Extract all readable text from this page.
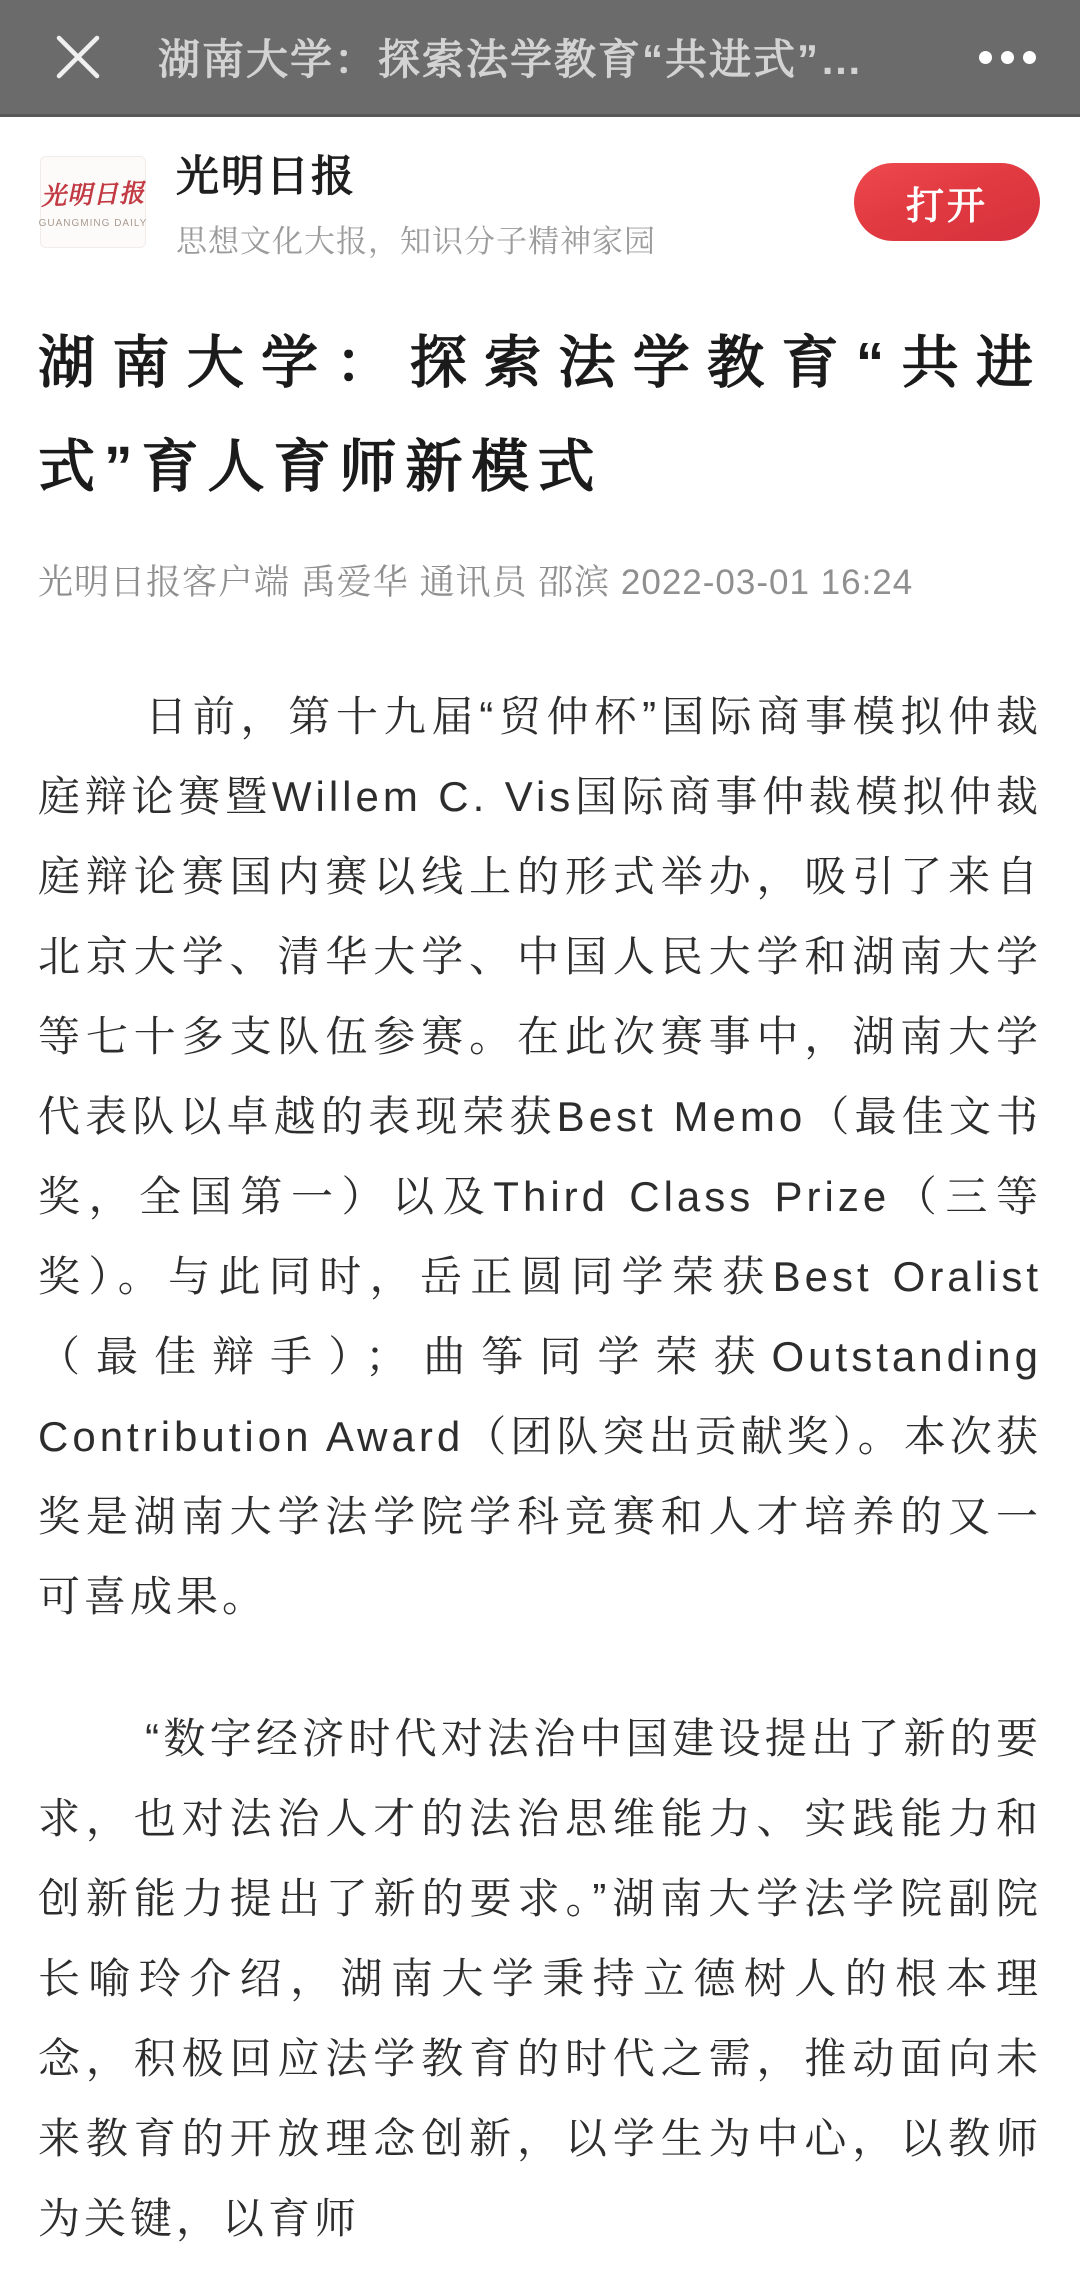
湖南大学：探索法学教育“共进式”…
光明日报
GUANGMING DAILY
光明日报
思想文化大报，知识分子精神家园
打开
湖南大学：探索法学教育“共进式”育人育师新模式
光明日报客户端 禹爱华 通讯员 邵滨 2022-03-01 16:24

日前，第十九届“贸仲杯”国际商事模拟仲裁庭辩论赛暨Willem C. Vis国际商事仲裁模拟仲裁庭辩论赛国内赛以线上的形式举办，吸引了来自北京大学、清华大学、中国人民大学和湖南大学等七十多支队伍参赛。在此次赛事中，湖南大学代表队以卓越的表现荣获Best Memo（最佳文书奖，全国第一）以及Third Class Prize（三等奖）。与此同时，岳正圆同学荣获Best Oralist（最佳辩手）；曲筝同学荣获Outstanding Contribution Award（团队突出贡献奖）。本次获奖是湖南大学法学院学科竞赛和人才培养的又一可喜成果。

“数字经济时代对法治中国建设提出了新的要求，也对法治人才的法治思维能力、实践能力和创新能力提出了新的要求。”湖南大学法学院副院长喻玲介绍，湖南大学秉持立德树人的根本理念，积极回应法学教育的时代之需，推动面向未来教育的开放理念创新，以学生为中心，以教师为关键，以育师
